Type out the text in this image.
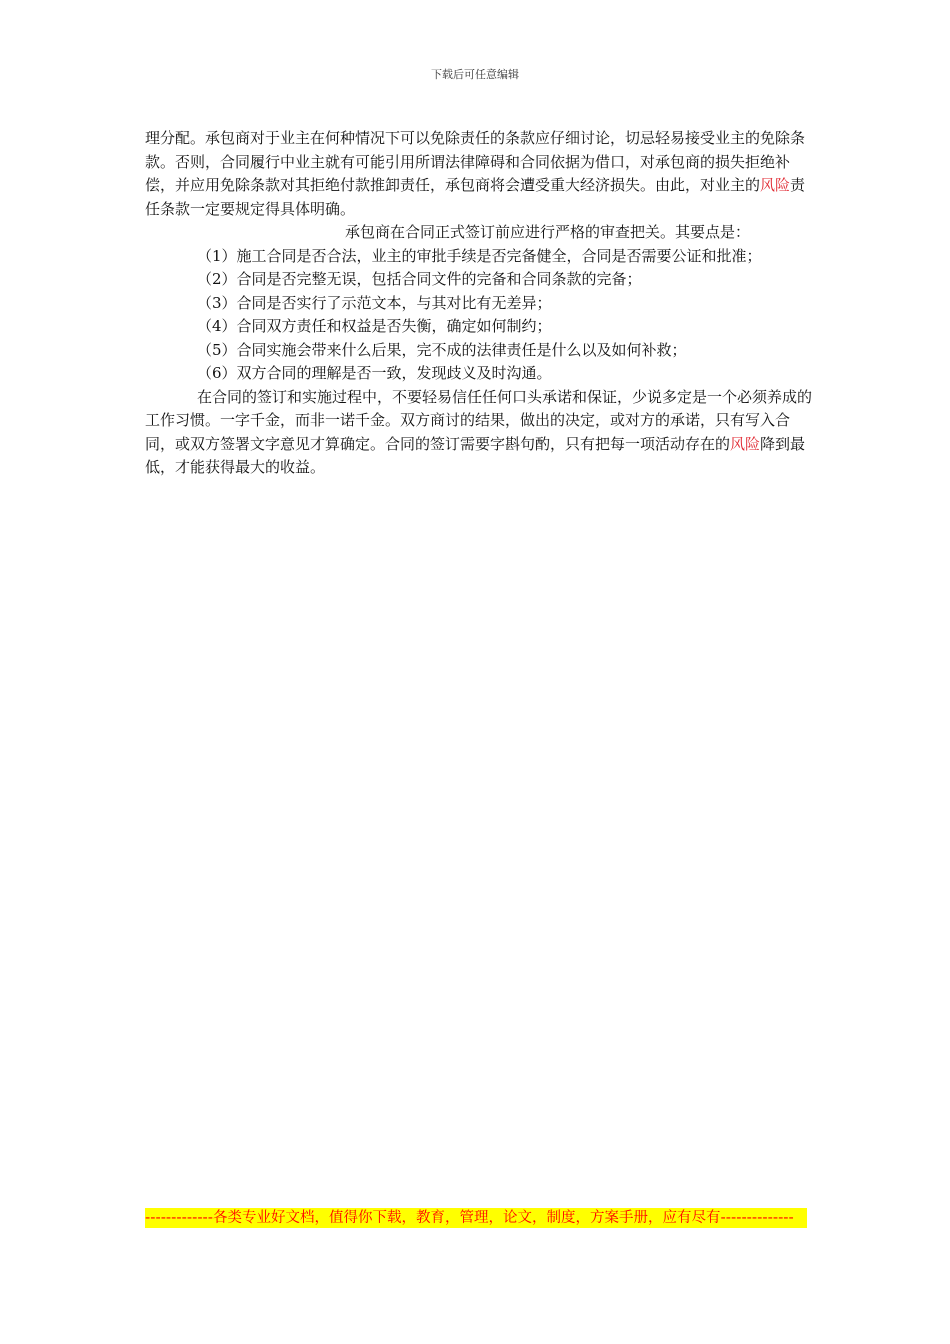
下载后可任意编辑

理分配。承包商对于业主在何种情况下可以免除责任的条款应仔细讨论，切忌轻易接受业主的免除条款。否则，合同履行中业主就有可能引用所谓法律障碍和合同依据为借口，对承包商的损失拒绝补偿，并应用免除条款对其拒绝付款推卸责任，承包商将会遭受重大经济损失。由此，对业主的风险责任条款一定要规定得具体明确。

承包商在合同正式签订前应进行严格的审查把关。其要点是：

（1）施工合同是否合法，业主的审批手续是否完备健全，合同是否需要公证和批准；

（2）合同是否完整无误，包括合同文件的完备和合同条款的完备；

（3）合同是否实行了示范文本，与其对比有无差异；

（4）合同双方责任和权益是否失衡，确定如何制约；

（5）合同实施会带来什么后果，完不成的法律责任是什么以及如何补救；

（6）双方合同的理解是否一致，发现歧义及时沟通。

在合同的签订和实施过程中，不要轻易信任任何口头承诺和保证，少说多定是一个必须养成的工作习惯。一字千金，而非一诺千金。双方商讨的结果，做出的决定，或对方的承诺，只有写入合同，或双方签署文字意见才算确定。合同的签订需要字斟句酌，只有把每一项活动存在的风险降到最低，才能获得最大的收益。

-------------各类专业好文档，值得你下载，教育，管理，论文，制度，方案手册，应有尽有--------------
